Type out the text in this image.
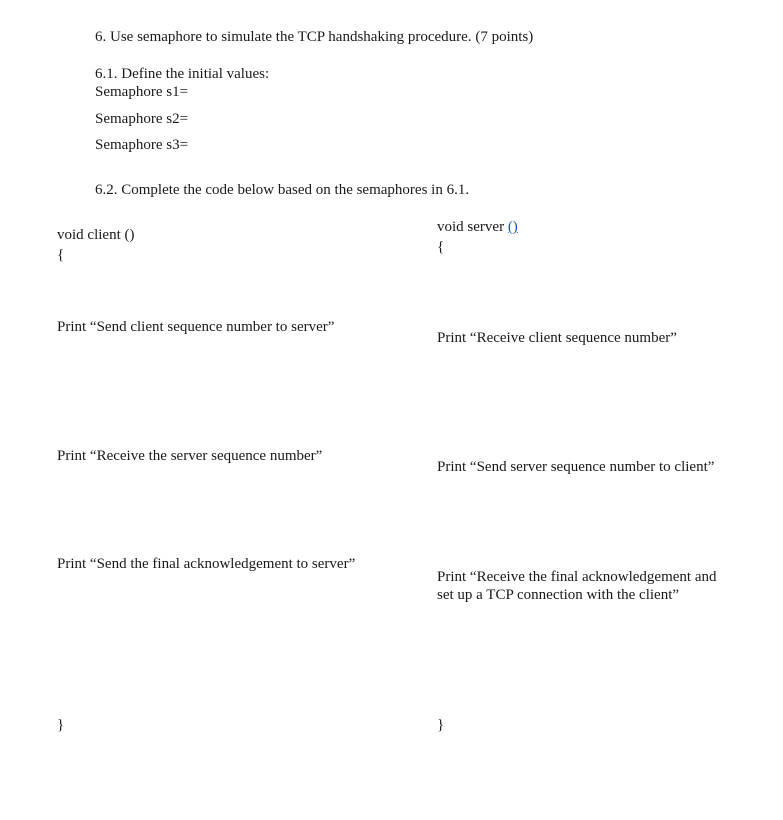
6. Use semaphore to simulate the TCP handshaking procedure. (7 points)
6.1. Define the initial values:
Semaphore s1=
Semaphore s2=
Semaphore s3=
6.2. Complete the code below based on the semaphores in 6.1.
void client ()
{
Print “Send client sequence number to server”
Print “Receive the server sequence number”
Print “Send the final acknowledgement to server”
}
void server ()
{
Print “Receive client sequence number”
Print “Send server sequence number to client”
Print “Receive the final acknowledgement and
set up a TCP connection with the client”
}
